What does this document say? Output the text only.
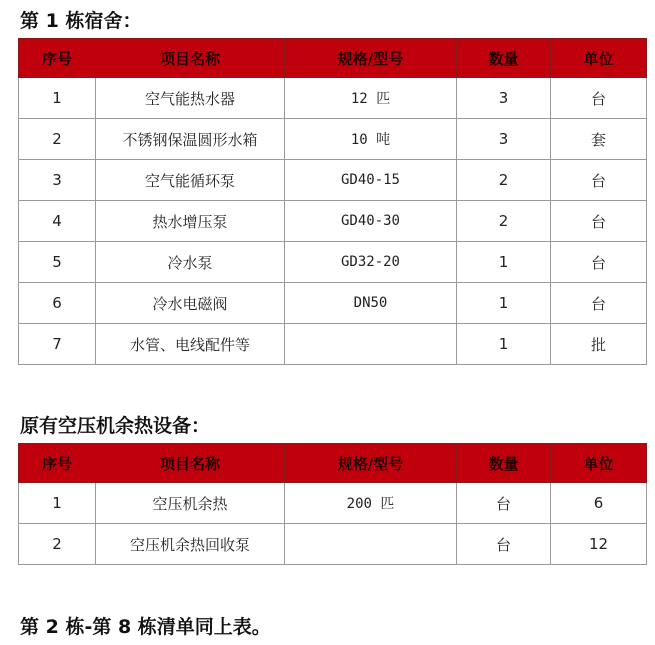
第 1 栋宿舍：
序号	项目名称	规格/型号	数量	单位
1	空气能热水器	12 匹	3	台
2	不锈钢保温圆形水箱	10 吨	3	套
3	空气能循环泵	GD40-15	2	台
4	热水增压泵	GD40-30	2	台
5	冷水泵	GD32-20	1	台
6	冷水电磁阀	DN50	1	台
7	水管、电线配件等		1	批
原有空压机余热设备：
序号	项目名称	规格/型号	数量	单位
1	空压机余热	200 匹	台	6
2	空压机余热回收泵		台	12
第 2 栋-第 8 栋清单同上表。
